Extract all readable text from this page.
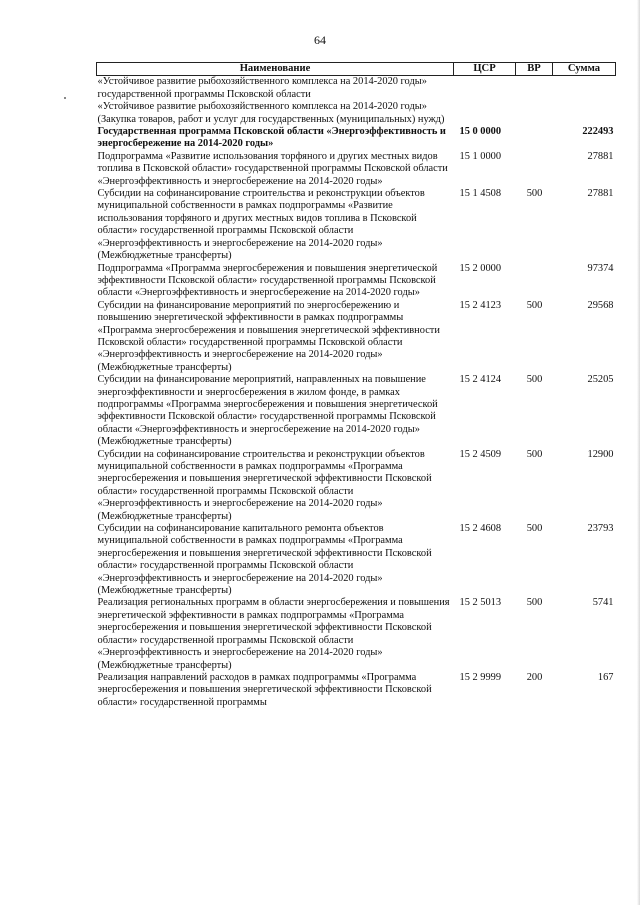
64
Наименование	ЦСР	ВР	Сумма
«Устойчивое развитие рыбохозяйственного комплекса на 2014-2020 годы» государственной программы Псковской области			
«Устойчивое развитие рыбохозяйственного комплекса на 2014-2020 годы» (Закупка товаров, работ и услуг для государственных (муниципальных) нужд)			
Государственная программа Псковской области «Энергоэффективность и энергосбережение на 2014-2020 годы»	15 0 0000		222493
Подпрограмма «Развитие использования торфяного и других местных видов топлива в Псковской области» государственной программы Псковской области «Энергоэффективность и энергосбережение на 2014-2020 годы»	15 1 0000		27881
Субсидии на софинансирование строительства и реконструкции объектов муниципальной собственности в рамках подпрограммы «Развитие использования торфяного и других местных видов топлива в Псковской области» государственной программы Псковской области «Энергоэффективность и энергосбережение на 2014-2020 годы» (Межбюджетные трансферты)	15 1 4508	500	27881
Подпрограмма «Программа энергосбережения и повышения энергетической эффективности Псковской области» государственной программы Псковской области «Энергоэффективность и энергосбережение на 2014-2020 годы»	15 2 0000		97374
Субсидии на финансирование мероприятий по энергосбережению и повышению энергетической эффективности в рамках подпрограммы «Программа энергосбережения и повышения энергетической эффективности Псковской области» государственной программы Псковской области «Энергоэффективность и энергосбережение на 2014-2020 годы» (Межбюджетные трансферты)	15 2 4123	500	29568
Субсидии на финансирование мероприятий, направленных на повышение энергоэффективности и энергосбережения в жилом фонде, в рамках подпрограммы «Программа энергосбережения и повышения энергетической эффективности Псковской области» государственной программы Псковской области «Энергоэффективность и энергосбережение на 2014-2020 годы» (Межбюджетные трансферты)	15 2 4124	500	25205
Субсидии на софинансирование строительства и реконструкции объектов муниципальной собственности в рамках подпрограммы «Программа энергосбережения и повышения энергетической эффективности Псковской области» государственной программы Псковской области «Энергоэффективность и энергосбережение на 2014-2020 годы» (Межбюджетные трансферты)	15 2 4509	500	12900
Субсидии на софинансирование капитального ремонта объектов муниципальной собственности в рамках подпрограммы «Программа энергосбережения и повышения энергетической эффективности Псковской области» государственной программы Псковской области «Энергоэффективность и энергосбережение на 2014-2020 годы» (Межбюджетные трансферты)	15 2 4608	500	23793
Реализация региональных программ в области энергосбережения и повышения энергетической эффективности в рамках подпрограммы «Программа энергосбережения и повышения энергетической эффективности Псковской области» государственной программы Псковской области «Энергоэффективность и энергосбережение на 2014-2020 годы» (Межбюджетные трансферты)	15 2 5013	500	5741
Реализация направлений расходов в рамках подпрограммы «Программа энергосбережения и повышения энергетической эффективности Псковской области» государственной программы	15 2 9999	200	167
